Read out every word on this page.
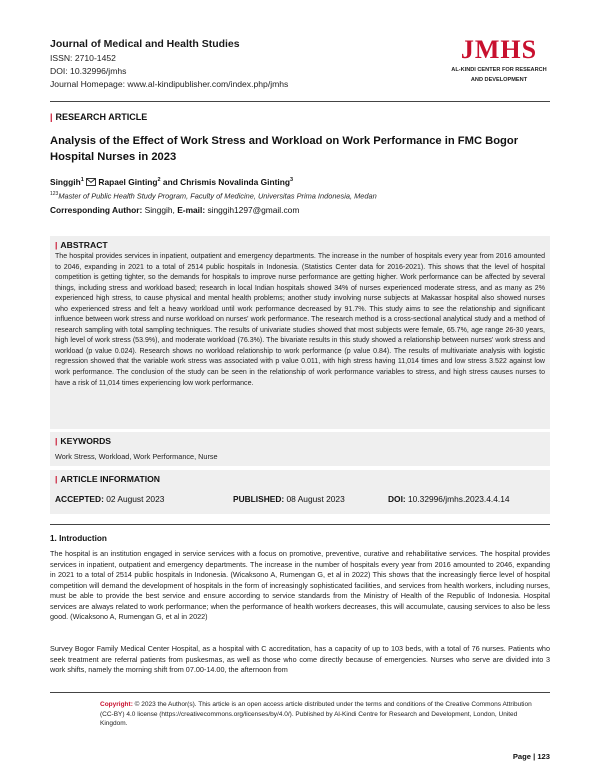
Journal of Medical and Health Studies
ISSN: 2710-1452
DOI: 10.32996/jmhs
Journal Homepage: www.al-kindipublisher.com/index.php/jmhs
JMHS
AL-KINDI CENTER FOR RESEARCH
AND DEVELOPMENT
| RESEARCH ARTICLE
Analysis of the Effect of Work Stress and Workload on Work Performance in FMC Bogor Hospital Nurses in 2023
Singgih$^1$ Rapael Ginting$^2$ and Chrismis Novalinda Ginting$^3$
$^{123}$Master of Public Health Study Program, Faculty of Medicine, Universitas Prima Indonesia, Medan
Corresponding Author: Singgih, E-mail: singgih1297@gmail.com
| ABSTRACT
The hospital provides services in inpatient, outpatient and emergency departments. The increase in the number of hospitals every year from 2016 amounted to 2046, expanding in 2021 to a total of 2514 public hospitals in Indonesia. (Statistics Center data for 2016-2021). This shows that the level of hospital competition is getting tighter, so the demands for hospitals to improve nurse performance are getting higher. Work performance can be affected by several things, including stress and workload based; research in local Indian hospitals showed 34% of nurses experienced moderate stress, and as many as 2% experienced high stress, to cause physical and mental health problems; another study involving nurse subjects at Makassar hospital also showed nurses who experienced stress and felt a heavy workload until work performance decreased by 91.7%. This study aims to see the relationship and significant influence between work stress and nurse workload on nurses' work performance. The research method is a cross-sectional analytical study and a method of research sampling with total sampling techniques. The results of univariate studies showed that most subjects were female, 65.7%, age range 26-30 years, high level of work stress (53.9%), and moderate workload (76.3%). The bivariate results in this study showed a relationship between nurses' work stress and workload (p value 0.024). Research shows no workload relationship to work performance (p value 0.84). The results of multivariate analysis with logistic regression showed that the variable work stress was associated with p value 0.011, with high stress having 11,014 times and low stress 3.522 against low work performance. The conclusion of the study can be seen in the relationship of work performance variables to stress, and high stress causes nurses to have a risk of 11,014 times experiencing low work performance.
| KEYWORDS
Work Stress, Workload, Work Performance, Nurse
| ARTICLE INFORMATION
ACCEPTED: 02 August 2023	PUBLISHED: 08 August 2023	DOI: 10.32996/jmhs.2023.4.4.14
1. Introduction
The hospital is an institution engaged in service services with a focus on promotive, preventive, curative and rehabilitative services. The hospital provides services in inpatient, outpatient and emergency departments. The increase in the number of hospitals every year from 2016 amounted to 2046, expanding in 2021 to a total of 2514 public hospitals in Indonesia. (Wicaksono A, Rumengan G, et al in 2022) This shows that the increasingly fierce level of hospital competition will demand the development of hospitals in the form of increasingly sophisticated facilities, and services from health workers, including nurses, must be able to provide the best service and ensure according to service standards from the Ministry of Health of the Republic of Indonesia. Hospital services are always related to work performance; when the performance of health workers decreases, this will accumulate, causing services to also be less good. (Wicaksono A, Rumengan G, et al in 2022)
Survey Bogor Family Medical Center Hospital, as a hospital with C accreditation, has a capacity of up to 103 beds, with a total of 76 nurses. Patients who seek treatment are referral patients from puskesmas, as well as those who come directly because of emergencies. Nurses who serve are divided into 3 work shifts, namely the morning shift from 07.00-14.00, the afternoon from
Copyright: © 2023 the Author(s). This article is an open access article distributed under the terms and conditions of the Creative Commons Attribution (CC-BY) 4.0 license (https://creativecommons.org/licenses/by/4.0/). Published by Al-Kindi Centre for Research and Development, London, United Kingdom.
Page | 123
